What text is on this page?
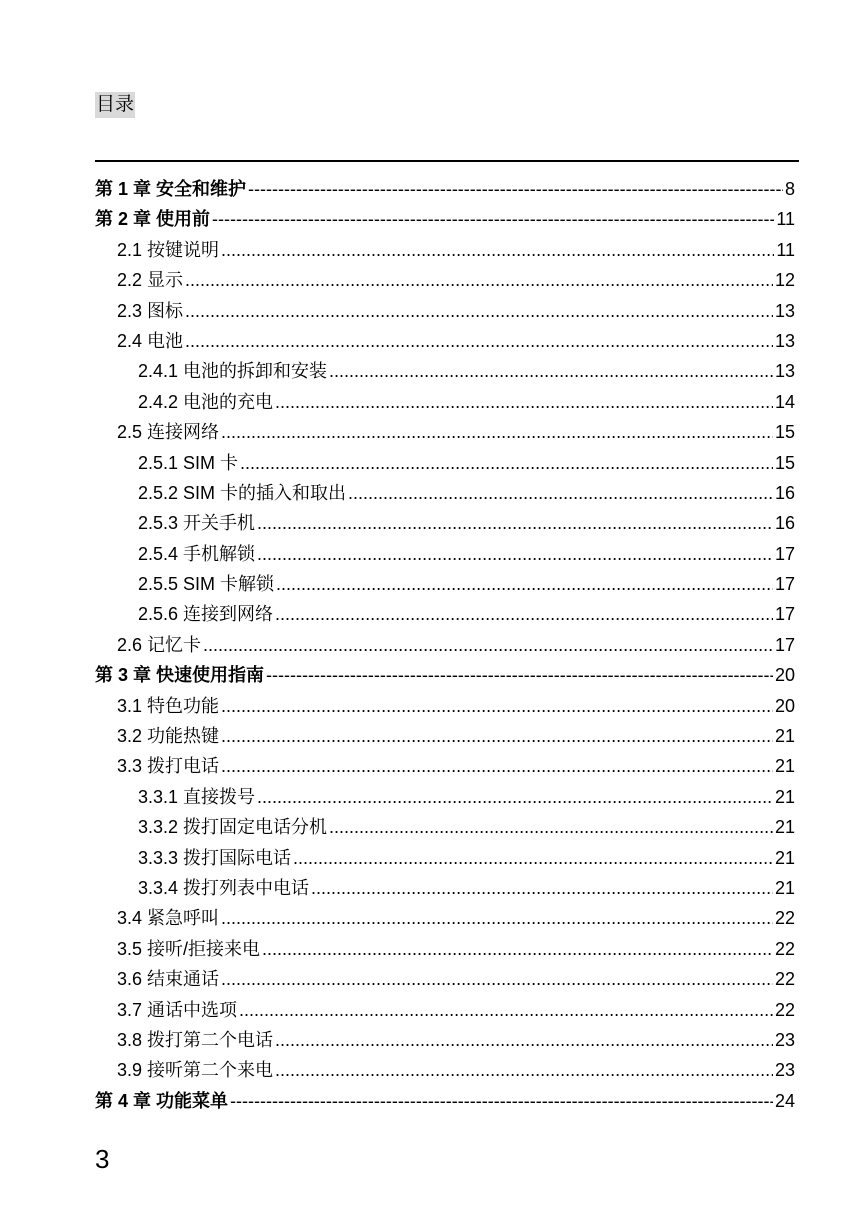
目录
第 1 章 安全和维护 -----	8
第 2 章 使用前 -----	11
2.1 按键说明 .....	11
2.2 显示 .....	12
2.3 图标 .....	13
2.4 电池 .....	13
2.4.1 电池的拆卸和安装 .....	13
2.4.2 电池的充电 .....	14
2.5 连接网络 .....	15
2.5.1 SIM 卡 .....	15
2.5.2 SIM 卡的插入和取出 .....	16
2.5.3 开关手机 .....	16
2.5.4 手机解锁 .....	17
2.5.5 SIM 卡解锁 .....	17
2.5.6 连接到网络 .....	17
2.6 记忆卡 .....	17
第 3 章 快速使用指南 -----	20
3.1 特色功能 .....	20
3.2 功能热键 .....	21
3.3 拨打电话 .....	21
3.3.1 直接拨号 .....	21
3.3.2 拨打固定电话分机 .....	21
3.3.3 拨打国际电话 .....	21
3.3.4 拨打列表中电话 .....	21
3.4 紧急呼叫 .....	22
3.5 接听/拒接来电 .....	22
3.6 结束通话 .....	22
3.7 通话中选项 .....	22
3.8 拨打第二个电话 .....	23
3.9 接听第二个来电 .....	23
第 4 章 功能菜单 -----	24
3
